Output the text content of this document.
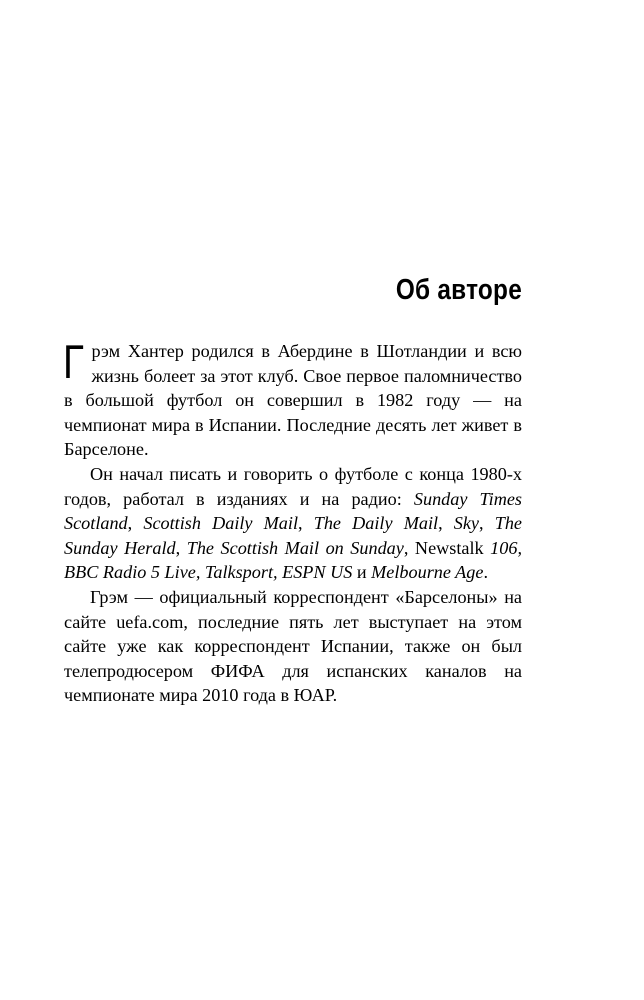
Об авторе

Грэм Хантер родился в Абердине в Шотландии и всю жизнь болеет за этот клуб. Свое первое паломничество в большой футбол он совершил в 1982 году — на чемпионат мира в Испании. Последние десять лет живет в Барселоне.

Он начал писать и говорить о футболе с конца 1980-х годов, работал в изданиях и на радио: Sunday Times Scotland, Scottish Daily Mail, The Daily Mail, Sky, The Sunday Herald, The Scottish Mail on Sunday, Newstalk 106, BBC Radio 5 Live, Talksport, ESPN US и Melbourne Age.

Грэм — официальный корреспондент «Барселоны» на сайте uefa.com, последние пять лет выступает на этом сайте уже как корреспондент Испании, также он был телепродюсером ФИФА для испанских каналов на чемпионате мира 2010 года в ЮАР.
